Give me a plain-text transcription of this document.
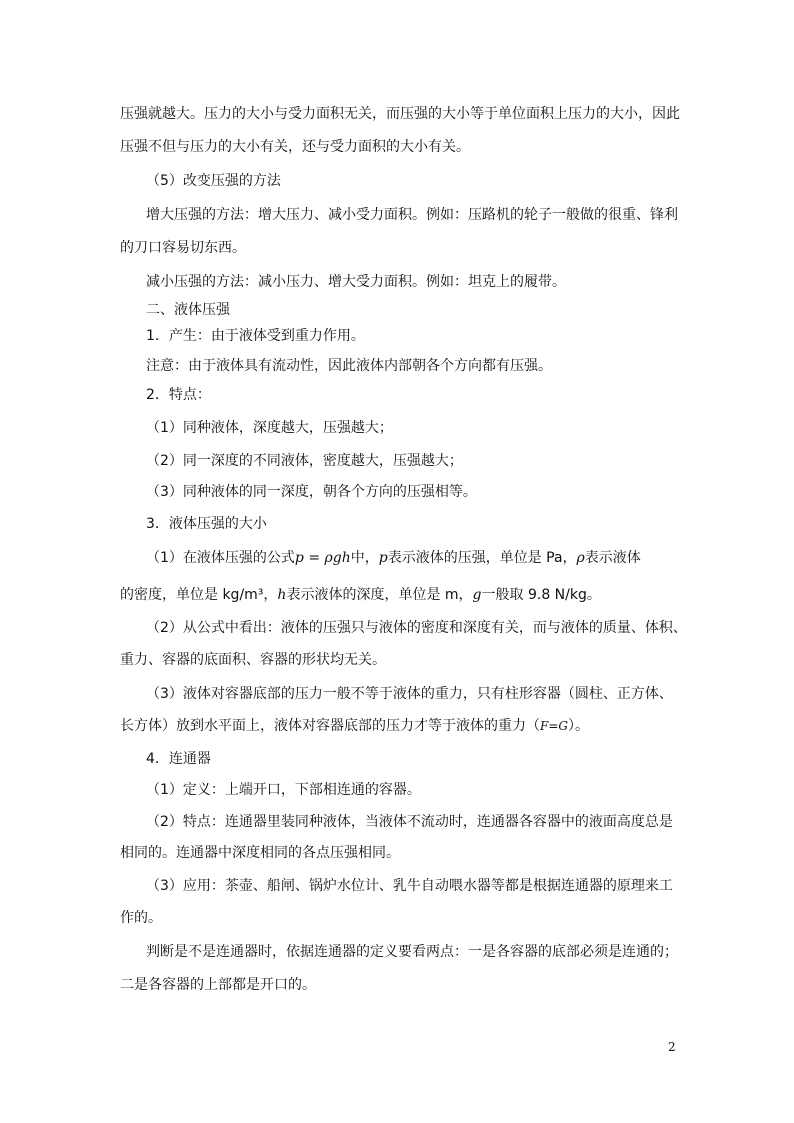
压强就越大。压力的大小与受力面积无关，而压强的大小等于单位面积上压力的大小，因此
压强不但与压力的大小有关，还与受力面积的大小有关。
（5）改变压强的方法
增大压强的方法：增大压力、减小受力面积。例如：压路机的轮子一般做的很重、锋利
的刀口容易切东西。
减小压强的方法：减小压力、增大受力面积。例如：坦克上的履带。
二、液体压强
1．产生：由于液体受到重力作用。
注意：由于液体具有流动性，因此液体内部朝各个方向都有压强。
2．特点：
（1）同种液体，深度越大，压强越大；
（2）同一深度的不同液体，密度越大，压强越大；
（3）同种液体的同一深度，朝各个方向的压强相等。
3．液体压强的大小
（1）在液体压强的公式p = ρgh中，p表示液体的压强，单位是 Pa，ρ表示液体
的密度，单位是 kg/m³，h表示液体的深度，单位是 m，g一般取 9.8 N/kg。
（2）从公式中看出：液体的压强只与液体的密度和深度有关，而与液体的质量、体积、
重力、容器的底面积、容器的形状均无关。
（3）液体对容器底部的压力一般不等于液体的重力，只有柱形容器（圆柱、正方体、
长方体）放到水平面上，液体对容器底部的压力才等于液体的重力（F=G）。
4．连通器
（1）定义：上端开口，下部相连通的容器。
（2）特点：连通器里装同种液体，当液体不流动时，连通器各容器中的液面高度总是
相同的。连通器中深度相同的各点压强相同。
（3）应用：茶壶、船闸、锅炉水位计、乳牛自动喂水器等都是根据连通器的原理来工
作的。
判断是不是连通器时，依据连通器的定义要看两点：一是各容器的底部必须是连通的；
二是各容器的上部都是开口的。
2
